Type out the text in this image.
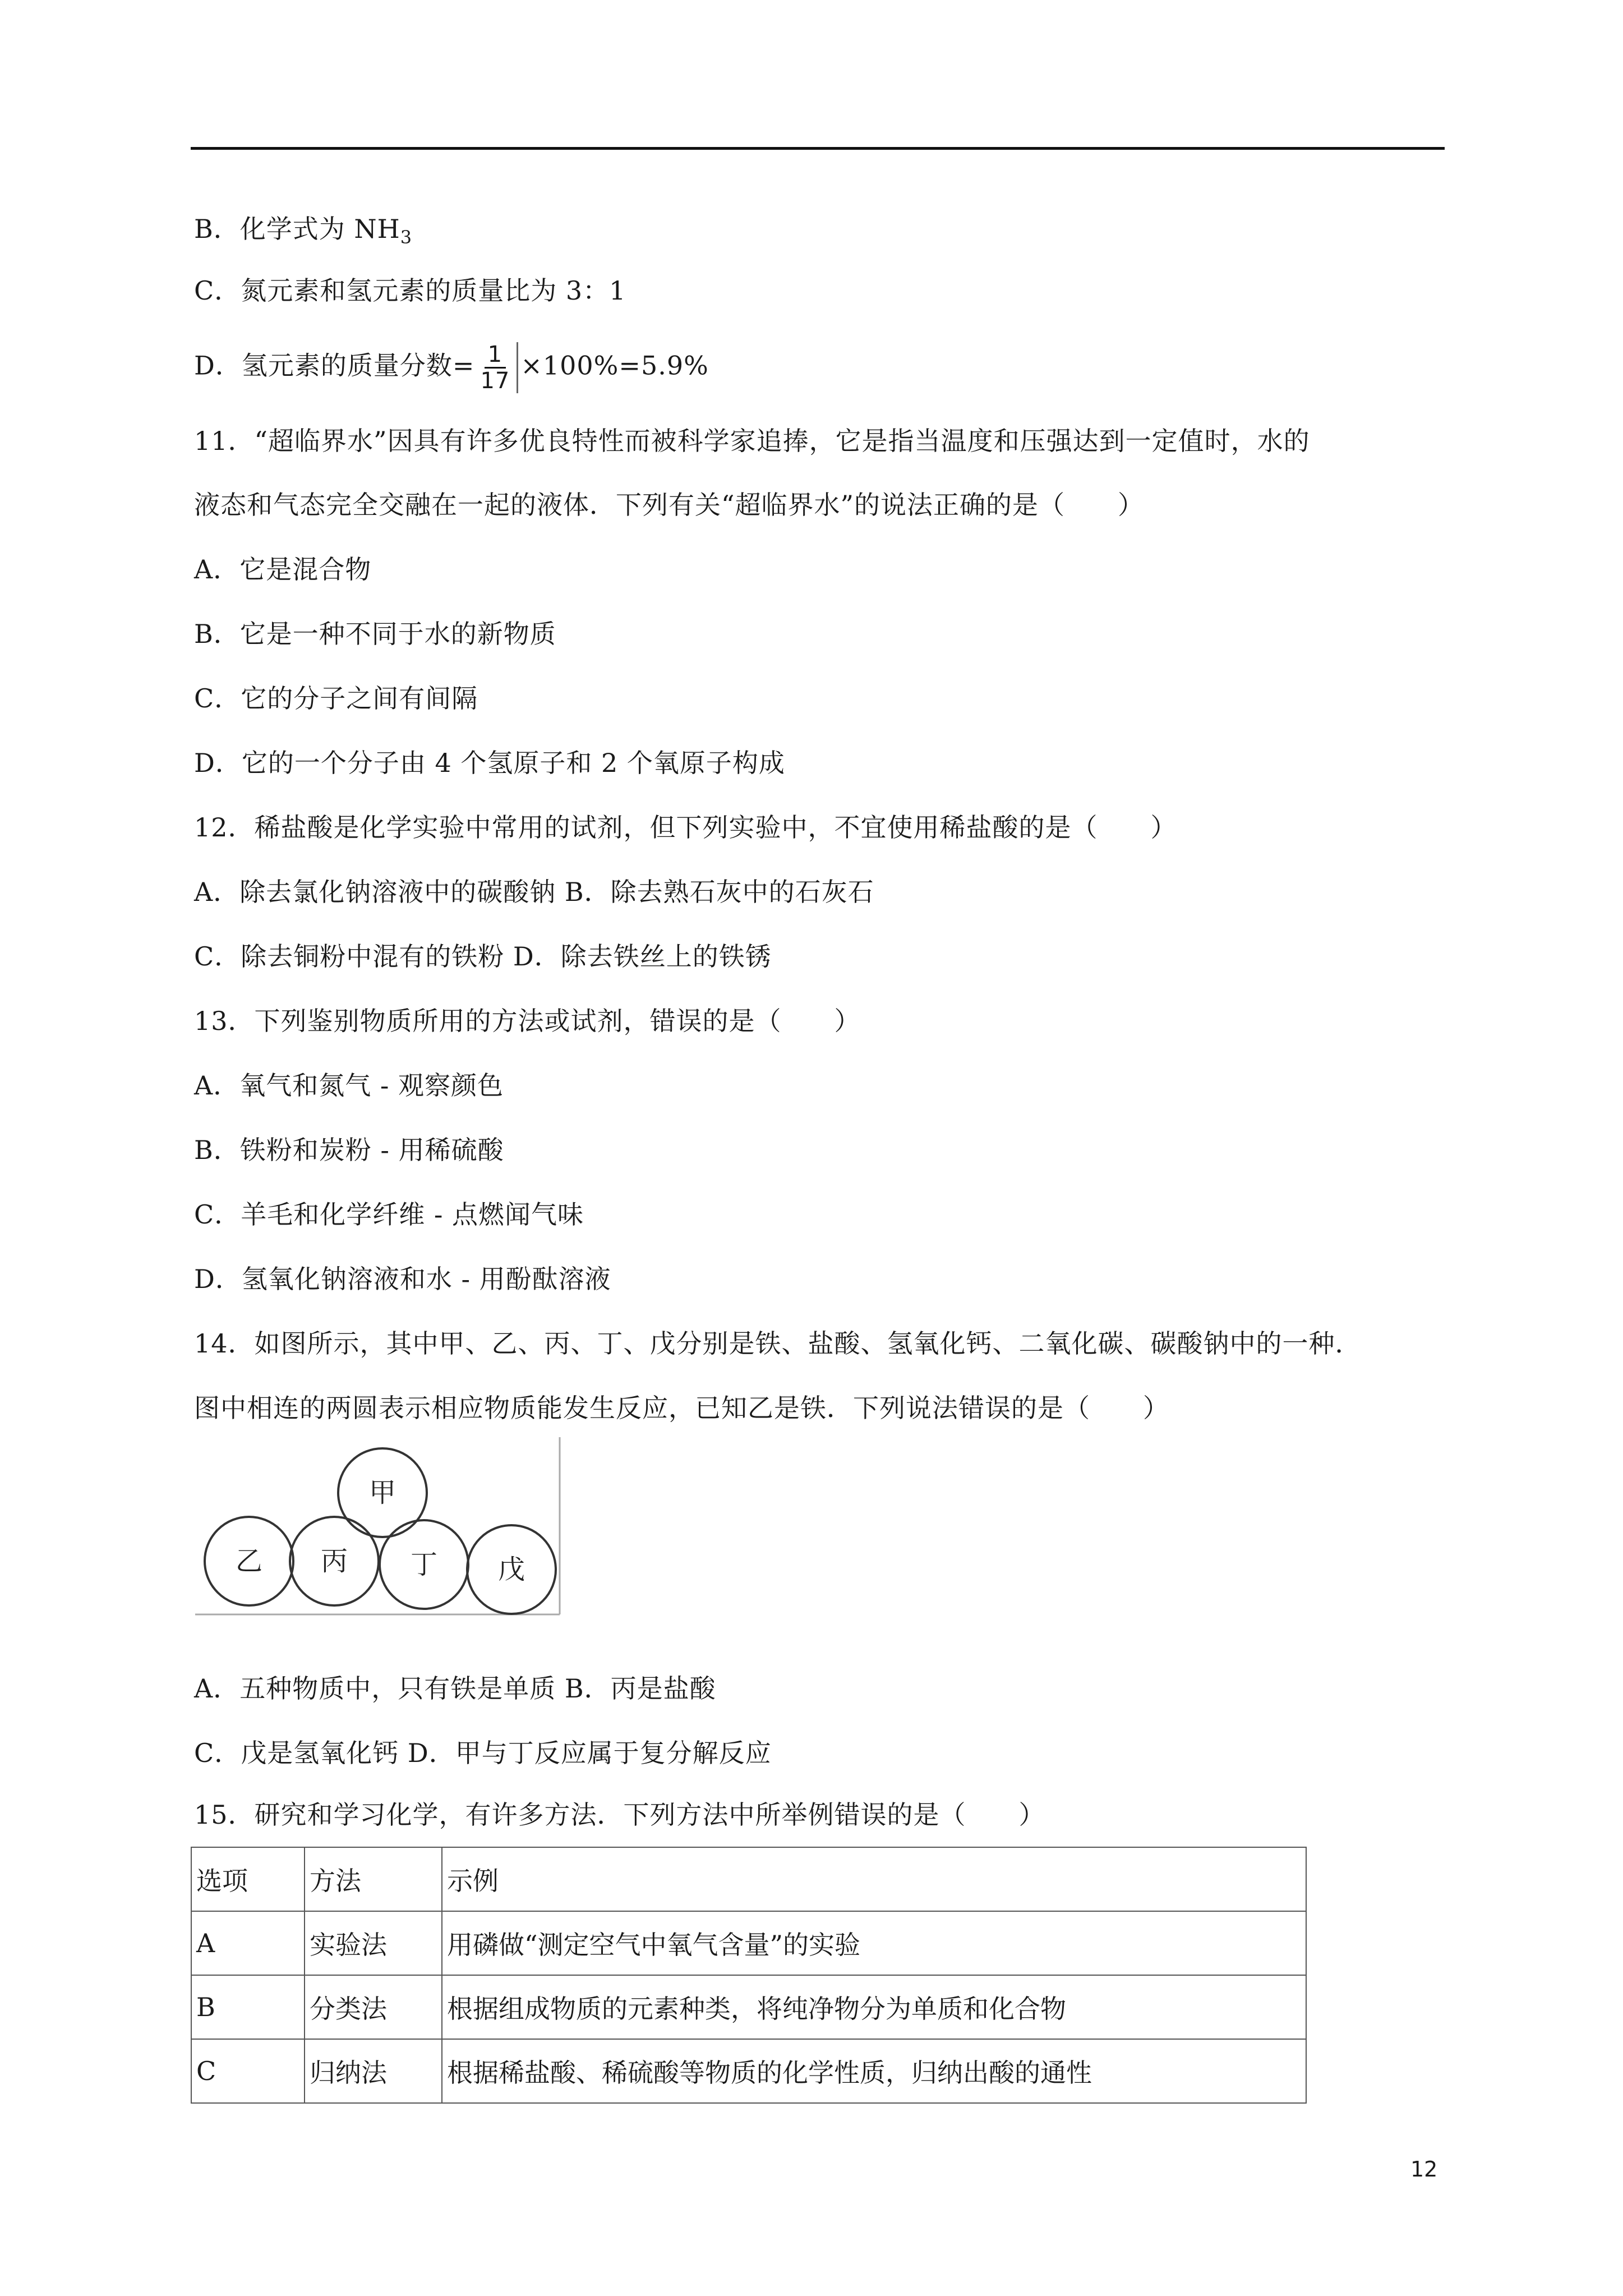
B．化学式为 $NH_3$
C．氮元素和氢元素的质量比为 3：1
D．氢元素的质量分数= $\frac{1}{17} \times 100\%=5.9\%$
11．“超临界水”因具有许多优良特性而被科学家追捧，它是指当温度和压强达到一定值时，水的
液态和气态完全交融在一起的液体．下列有关“超临界水”的说法正确的是（　　）
A．它是混合物
B．它是一种不同于水的新物质
C．它的分子之间有间隔
D．它的一个分子由 4 个氢原子和 2 个氧原子构成
12．稀盐酸是化学实验中常用的试剂，但下列实验中，不宜使用稀盐酸的是（　　）
A．除去氯化钠溶液中的碳酸钠 B．除去熟石灰中的石灰石
C．除去铜粉中混有的铁粉 D．除去铁丝上的铁锈
13．下列鉴别物质所用的方法或试剂，错误的是（　　）
A．氧气和氮气 - 观察颜色
B．铁粉和炭粉 - 用稀硫酸
C．羊毛和化学纤维 - 点燃闻气味
D．氢氧化钠溶液和水 - 用酚酞溶液
14．如图所示，其中甲、乙、丙、丁、戊分别是铁、盐酸、氢氧化钙、二氧化碳、碳酸钠中的一种．
图中相连的两圆表示相应物质能发生反应，已知乙是铁．下列说法错误的是（　　）
甲
乙 丙 丁 戊
A．五种物质中，只有铁是单质 B．丙是盐酸
C．戊是氢氧化钙 D．甲与丁反应属于复分解反应
15．研究和学习化学，有许多方法．下列方法中所举例错误的是（　　）
选项	方法	示例
A	实验法	用磷做“测定空气中氧气含量”的实验
B	分类法	根据组成物质的元素种类，将纯净物分为单质和化合物
C	归纳法	根据稀盐酸、稀硫酸等物质的化学性质，归纳出酸的通性
12
